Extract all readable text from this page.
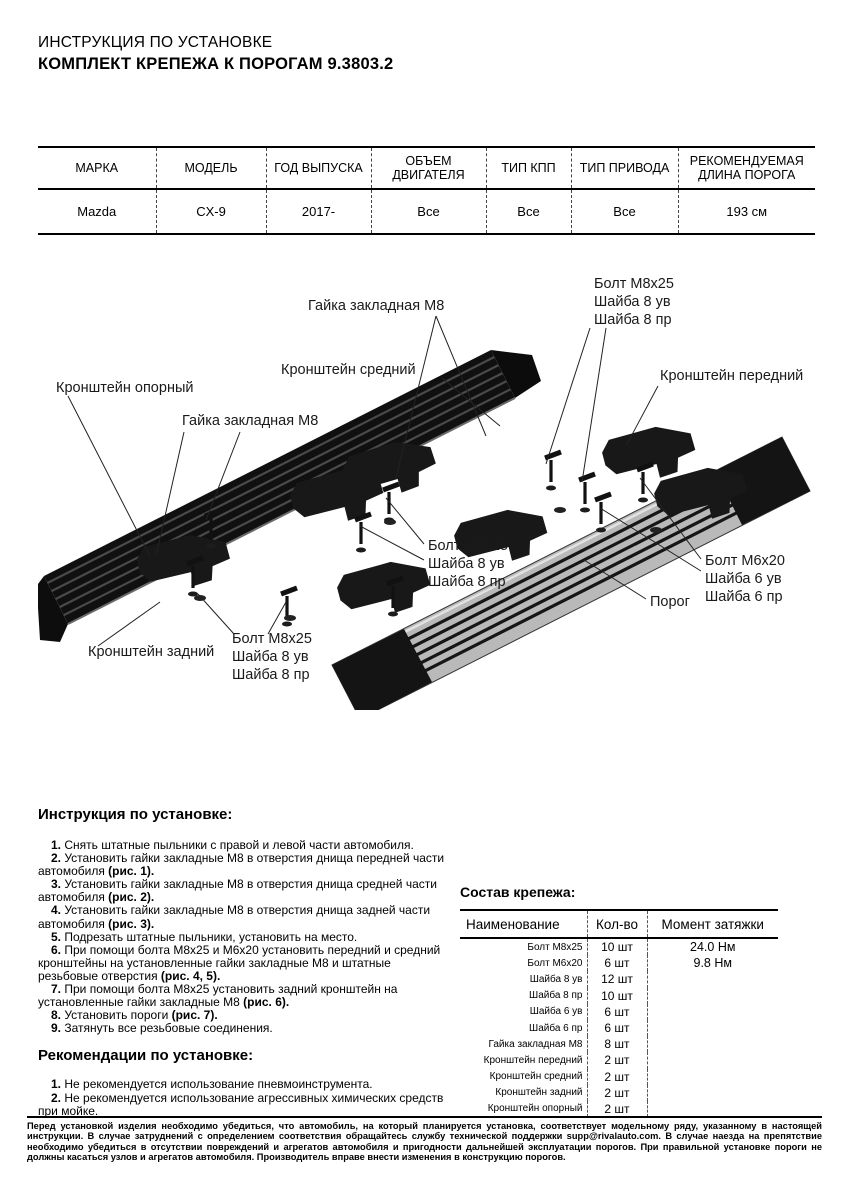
ИНСТРУКЦИЯ ПО УСТАНОВКЕ
КОМПЛЕКТ КРЕПЕЖА К ПОРОГАМ 9.3803.2
МАРКА	МОДЕЛЬ	ГОД ВЫПУСКА	ОБЪЕМ ДВИГАТЕЛЯ	ТИП КПП	ТИП ПРИВОДА	РЕКОМЕНДУЕМАЯ ДЛИНА ПОРОГА
Mazda	CX-9	2017-	Все	Все	Все	193 см
Гайка закладная М8
Болт М8х25
Шайба 8 ув
Шайба 8 пр
Кронштейн средний	Кронштейн передний
Кронштейн опорный
Гайка закладная М8
Болт М8х25
Шайба 8 ув
Шайба 8 пр
Болт М6х20
Шайба 6 ув
Шайба 6 пр
Порог
Кронштейн задний
Болт М8х25
Шайба 8 ув
Шайба 8 пр
Инструкция по установке:

1. Снять штатные пыльники с правой и левой части автомобиля.

2. Установить гайки закладные М8 в отверстия днища передней части автомобиля (рис. 1).

3. Установить гайки закладные М8 в отверстия днища средней части автомобиля (рис. 2).

4. Установить гайки закладные М8 в отверстия днища задней части автомобиля (рис. 3).

5. Подрезать штатные пыльники, установить на место.

6. При помощи болта М8х25 и М6х20 установить передний и средний кронштейны на установленные гайки закладные М8 и штатные резьбовые отверстия (рис. 4, 5).

7. При помощи болта М8х25 установить задний кронштейн на установленные гайки закладные М8 (рис. 6).

8. Установить пороги (рис. 7).

9. Затянуть все резьбовые соединения.

Рекомендации по установке:

1. Не рекомендуется использование пневмоинструмента.

2. Не рекомендуется использование агрессивных химических средств при мойке.

Состав крепежа:
Наименование	Кол-во	Момент затяжки
Болт М8х25	10 шт	24.0 Нм
Болт М6х20	6 шт	9.8 Нм
Шайба 8 ув	12 шт	
Шайба 8 пр	10 шт	
Шайба 6 ув	6 шт	
Шайба 6 пр	6 шт	
Гайка закладная М8	8 шт	
Кронштейн передний	2 шт	
Кронштейн средний	2 шт	
Кронштейн задний	2 шт	
Кронштейн опорный	2 шт	
Перед установкой изделия необходимо убедиться, что автомобиль, на который планируется установка, соответствует модельному ряду, указанному в настоящей инструкции. В случае затруднений с определением соответствия обращайтесь службу технической поддержки supp@rivalauto.com. В случае наезда на препятствие необходимо убедиться в отсутствии повреждений и агрегатов автомобиля и пригодности дальнейшей эксплуатации порогов. При правильной установке пороги не должны касаться узлов и агрегатов автомобиля. Производитель вправе внести изменения в конструкцию порогов.
